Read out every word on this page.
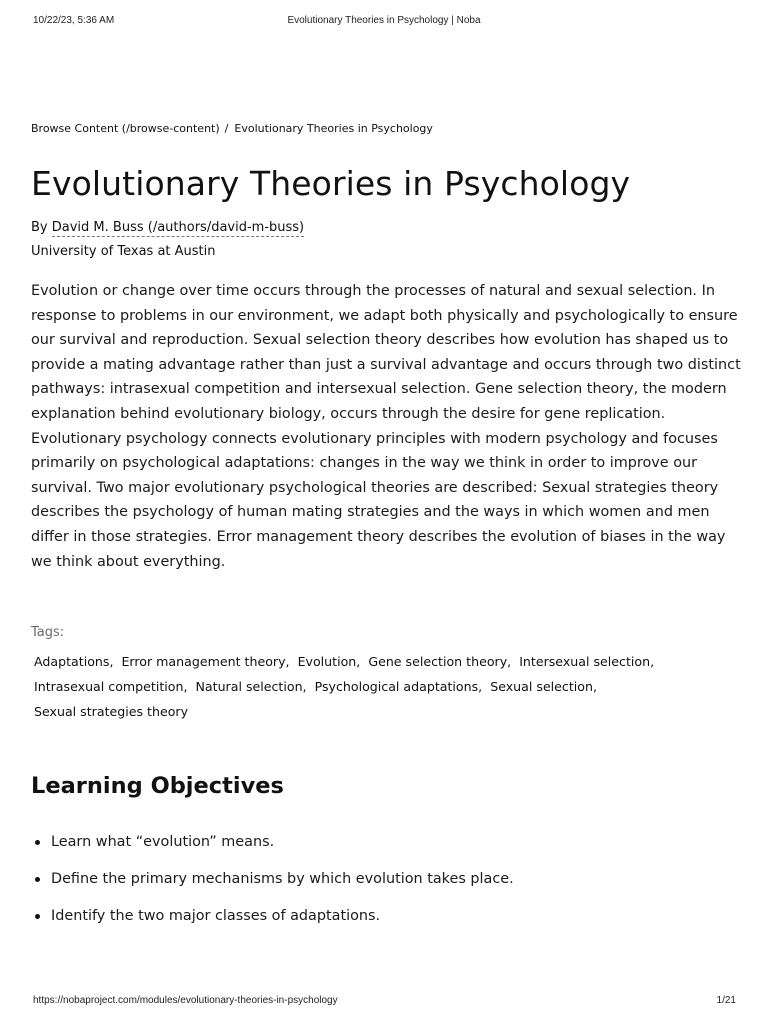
10/22/23, 5:36 AM	Evolutionary Theories in Psychology | Noba
Browse Content (/browse-content) / Evolutionary Theories in Psychology
Evolutionary Theories in Psychology
By David M. Buss (/authors/david-m-buss)
University of Texas at Austin

Evolution or change over time occurs through the processes of natural and sexual selection. In response to problems in our environment, we adapt both physically and psychologically to ensure our survival and reproduction. Sexual selection theory describes how evolution has shaped us to provide a mating advantage rather than just a survival advantage and occurs through two distinct pathways: intrasexual competition and intersexual selection. Gene selection theory, the modern explanation behind evolutionary biology, occurs through the desire for gene replication. Evolutionary psychology connects evolutionary principles with modern psychology and focuses primarily on psychological adaptations: changes in the way we think in order to improve our survival. Two major evolutionary psychological theories are described: Sexual strategies theory describes the psychology of human mating strategies and the ways in which women and men differ in those strategies. Error management theory describes the evolution of biases in the way we think about everything.

Tags:
Adaptations, Error management theory, Evolution, Gene selection theory, Intersexual selection,
Intrasexual competition, Natural selection, Psychological adaptations, Sexual selection,
Sexual strategies theory
Learning Objectives
Learn what “evolution” means.
Define the primary mechanisms by which evolution takes place.
Identify the two major classes of adaptations.
https://nobaproject.com/modules/evolutionary-theories-in-psychology	1/21
